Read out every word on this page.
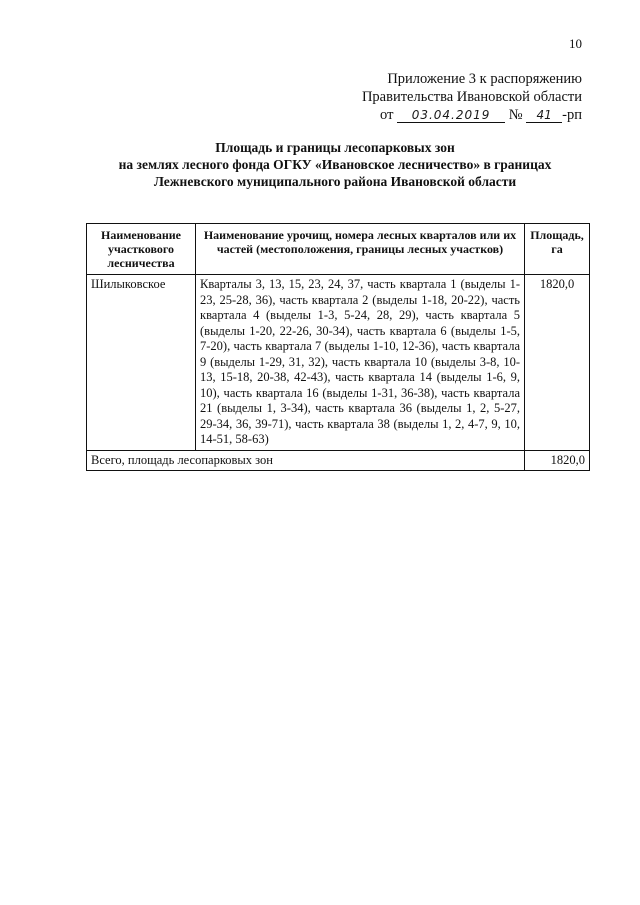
10
Приложение 3 к распоряжению
Правительства Ивановской области
от 03.04.2019 № 41 -рп
Площадь и границы лесопарковых зон
на землях лесного фонда ОГКУ «Ивановское лесничество» в границах
Лежневского муниципального района Ивановской области
Наименование участкового лесничества	Наименование урочищ, номера лесных кварталов или их частей (местоположения, границы лесных участков)	Площадь, га
Шилыковское	Кварталы 3, 13, 15, 23, 24, 37, часть квартала 1 (выделы 1-23, 25-28, 36), часть квартала 2 (выделы 1-18, 20-22), часть квартала 4 (выделы 1-3, 5-24, 28, 29), часть квартала 5 (выделы 1-20, 22-26, 30-34), часть квартала 6 (выделы 1-5, 7-20), часть квартала 7 (выделы 1-10, 12-36), часть квартала 9 (выделы 1-29, 31, 32), часть квартала 10 (выделы 3-8, 10-13, 15-18, 20-38, 42-43), часть квартала 14 (выделы 1-6, 9, 10), часть квартала 16 (выделы 1-31, 36-38), часть квартала 21 (выделы 1, 3-34), часть квартала 36 (выделы 1, 2, 5-27, 29-34, 36, 39-71), часть квартала 38 (выделы 1, 2, 4-7, 9, 10, 14-51, 58-63)	1820,0
Всего, площадь лесопарковых зон		1820,0
